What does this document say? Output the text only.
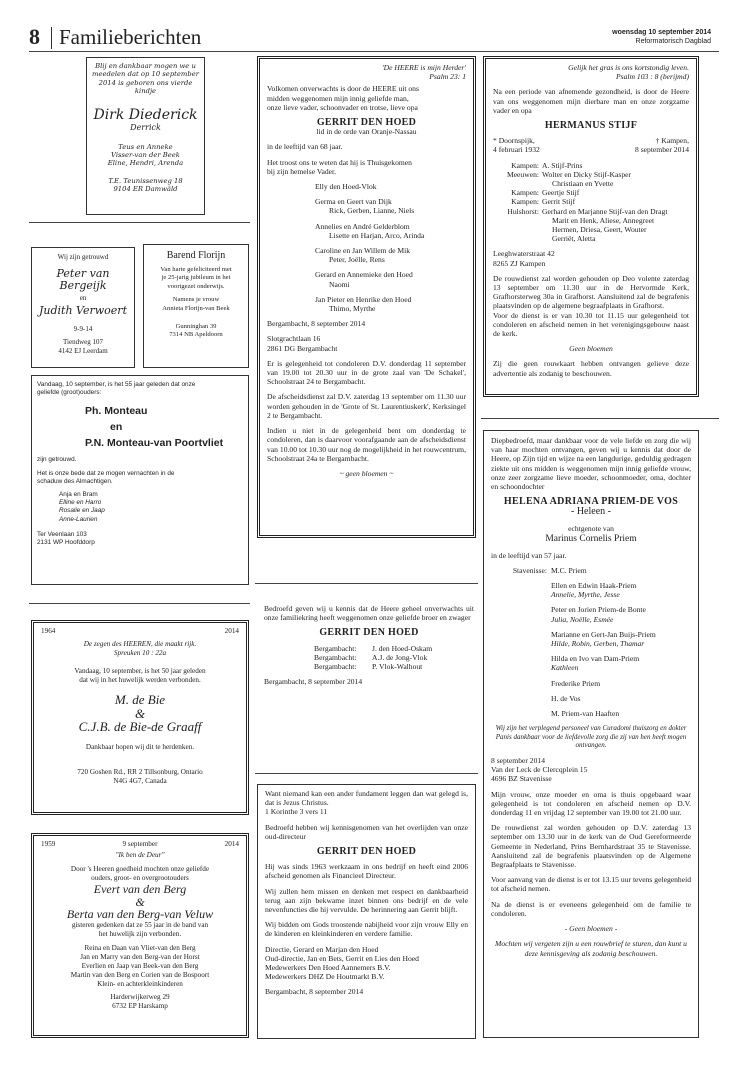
8 Familieberichten	woensdag 10 september 2014
Reformatorisch Dagblad
Blij en dankbaar mogen we u
meedelen dat op 10 september
2014 is geboren ons vierde kindje
Dirk Diederick
Derrick
Teus en Anneke
Visser-van der Beek
Eline, Hendri, Arenda
T.E. Teunissenweg 18
9104 ER Damwâld
Wij zijn getrouwd
Peter van Bergeijk
en
Judith Verwoert
9-9-14
Tiendweg 107
4142 EJ Leerdam
Barend Florijn
Van harte gefeliciteerd met
je 25-jarig jubileum in het
voortgezet onderwijs.
Namens je vrouw
Annieta Florijn-van Beek
Gunninghan 39
7314 NB Apeldoorn
Vandaag, 10 september, is het 55 jaar geleden dat onze
geliefde (groot)ouders:
Ph. Monteau
en
P.N. Monteau-van Poortvliet
zijn getrouwd.
Het is onze bede dat ze mogen vernachten in de
schaduw des Almachtigen.
Anja en Bram
Elline en Harro
Rosalie en Jaap
Anne-Laurien
Ter Veenlaan 103
2131 WP Hoofddorp
1964	2014
De zegen des HEEREN, die maakt rijk.
Spreuken 10 : 22a
Vandaag, 10 september, is het 50 jaar geleden
dat wij in het huwelijk werden verbonden.
M. de Bie
&
C.J.B. de Bie-de Graaff
Dankbaar hopen wij dit te herdenken.
720 Goshen Rd., RR 2 Tillsonburg, Ontario
N4G 4G7, Canada
1959	9 september	2014
"Ik ben de Deur"
Door 's Heeren goedheid mochten onze geliefde
ouders, groot- en overgrootouders
Evert van den Berg
&
Berta van den Berg-van Veluw
gisteren gedenken dat ze 55 jaar in de band van
het huwelijk zijn verbonden.
Reina en Daan van Vliet-van den Berg
Jan en Marry van den Berg-van der Horst
Everlien en Jaap van Beek-van den Berg
Martin van den Berg en Corien van de Bospoort
Klein- en achterkleinkinderen
Harderwijkerweg 29
6732 EP Harskamp
'De HEERE is mijn Herder'
Psalm 23: 1
Volkomen onverwachts is door de HEERE uit ons
midden weggenomen mijn innig geliefde man,
onze lieve vader, schoonvader en trotse, lieve opa
GERRIT DEN HOED
lid in de orde van Oranje-Nassau
in de leeftijd van 68 jaar.
Het troost ons te weten dat hij is Thuisgekomen
bij zijn hemelse Vader.
Elly den Hoed-Vlok
Germa en Geert van Dijk
Rick, Gerben, Lianne, Niels
Annelies en André Gelderblom
Lisette en Harjan, Arco, Arinda
Caroline en Jan Willem de Mik
Peter, Joëlle, Rens
Gerard en Annemieke den Hoed
Naomi
Jan Pieter en Henrike den Hoed
Thimo, Myrthe
Bergambacht, 8 september 2014
Slotgrachtlaan 16
2861 DG Bergambacht
Er is gelegenheid tot condoleren D.V. donderdag 11 september van 19.00 tot 20.30 uur in de grote zaal van 'De Schakel', Schoolstraat 24 te Bergambacht.
De afscheidsdienst zal D.V. zaterdag 13 september om 11.30 uur worden gehouden in de 'Grote of St. Laurentiuskerk', Kerksingel 2 te Bergambacht.
Indien u niet in de gelegenheid bent om donderdag te condoleren, dan is daarvoor voorafgaande aan de afscheidsdienst van 10.00 tot 10.30 uur nog de mogelijkheid in het rouwcentrum, Schoolstraat 24a te Bergambacht.
~ geen bloemen ~
Bedroefd geven wij u kennis dat de Heere geheel onverwachts uit onze familiekring heeft weggenomen onze geliefde broer en zwager
GERRIT DEN HOED
Bergambacht:	J. den Hoed-Oskam
Bergambacht:	A.J. de Jong-Vlok
Bergambacht:	P. Vlok-Walhout
Bergambacht, 8 september 2014
Want niemand kan een ander fundament leggen dan wat gelegd is, dat is Jezus Christus.
1 Korinthe 3 vers 11
Bedroefd hebben wij kennisgenomen van het overlijden van onze oud-directeur
GERRIT DEN HOED
Hij was sinds 1963 werkzaam in ons bedrijf en heeft eind 2006 afscheid genomen als Financieel Directeur.
Wij zullen hem missen en denken met respect en dankbaarheid terug aan zijn bekwame inzet binnen ons bedrijf en de vele nevenfuncties die hij vervulde. De herinnering aan Gerrit blijft.
Wij bidden om Gods troostende nabijheid voor zijn vrouw Elly en de kinderen en kleinkinderen en verdere familie.
Directie, Gerard en Marjan den Hoed
Oud-directie, Jan en Bets, Gerrit en Lies den Hoed
Medewerkers Den Hoed Aannemers B.V.
Medewerkers DHZ De Houtmarkt B.V.
Bergambacht, 8 september 2014
Gelijk het gras is ons kortstondig leven.
Psalm 103 : 8 (berijmd)
Na een periode van afnemende gezondheid, is door de Heere van ons weggenomen mijn dierbare man en onze zorgzame vader en opa
HERMANUS STIJF
* Doornspijk,
4 februari 1932
† Kampen,
8 september 2014
Kampen: A. Stijf-Prins
Meeuwen: Wolter en Dicky Stijf-Kasper
Christiaan en Yvette
Kampen: Geertje Stijf
Kampen: Gerrit Stijf
Hulshorst: Gerhard en Marjanne Stijf-van den Dragt
Marit en Henk, Aliese, Annegreet
Hermen, Driesa, Geert, Wouter
Gerriët, Aletta
Leeghwaterstraat 42
8265 ZJ Kampen
De rouwdienst zal worden gehouden op Deo volente zaterdag 13 september om 11.30 uur in de Hervormde Kerk, Grafhorsterweg 30a in Grafhorst. Aansluitend zal de begrafenis plaatsvinden op de algemene begraafplaats in Grafhorst.
Voor de dienst is er van 10.30 tot 11.15 uur gelegenheid tot condoleren en afscheid nemen in het verenigingsgebouw naast de kerk.
Geen bloemen
Zij die geen rouwkaart hebben ontvangen gelieve deze advertentie als zodanig te beschouwen.
Diepbedroefd, maar dankbaar voor de vele liefde en zorg die wij van haar mochten ontvangen, geven wij u kennis dat door de Heere, op Zijn tijd en wijze na een langdurige, geduldig gedragen ziekte uit ons midden is weggenomen mijn innig geliefde vrouw, onze zeer zorgzame lieve moeder, schoonmoeder, oma, dochter en schoondochter
HELENA ADRIANA PRIEM-DE VOS
- Heleen -
echtgenote van
Marinus Cornelis Priem
in de leeftijd van 57 jaar.
Stavenisse: M.C. Priem
Ellen en Edwin Haak-Priem
Annelie, Myrthe, Jesse
Peter en Jorien Priem-de Bonte
Julia, Noëlle, Esmée
Marianne en Gert-Jan Buijs-Priem
Hilde, Robin, Gerben, Thamar
Hilda en Ivo van Dam-Priem
Kathleen
Frederike Priem
H. de Vos
M. Priem-van Haaften
Wij zijn het verplegend personeel van Curadomi thuiszorg en dokter Panis dankbaar voor de liefdevolle zorg die zij van hen heeft mogen ontvangen.
8 september 2014
Van der Leck de Clercqplein 15
4696 BZ Stavenisse
Mijn vrouw, onze moeder en oma is thuis opgebaard waar gelegenheid is tot condoleren en afscheid nemen op D.V. donderdag 11 en vrijdag 12 september van 19.00 tot 21.00 uur.
De rouwdienst zal worden gehouden op D.V. zaterdag 13 september om 13.30 uur in de kerk van de Oud Gereformeerde Gemeente in Nederland, Prins Bernhardstraat 35 te Stavenisse. Aansluitend zal de begrafenis plaatsvinden op de Algemene Begraafplaats te Stavenisse.
Voor aanvang van de dienst is er tot 13.15 uur tevens gelegenheid tot afscheid nemen.
Na de dienst is er eveneens gelegenheid om de familie te condoleren.
- Geen bloemen -
Mochten wij vergeten zijn u een rouwbrief te sturen, dan kunt u deze kennisgeving als zodanig beschouwen.
